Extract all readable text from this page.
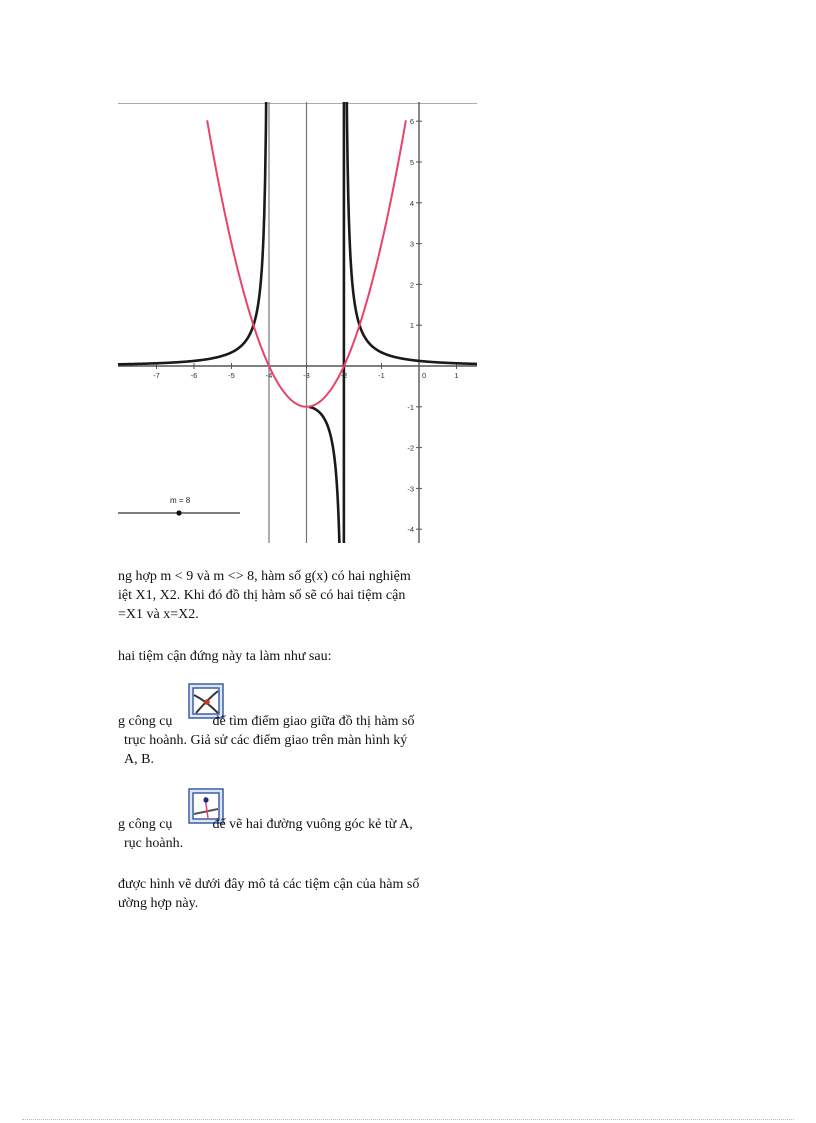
-7	-6	-5	-4	-3	-2	-1	1
0
6
5
4
3
2
1
-1
-2
-3
-4
m = 8
ng hợp m < 9 và m <> 8, hàm số g(x) có hai nghiệm
iệt X1, X2. Khi đó đồ thị hàm số sẽ có hai tiệm cận
=X1 và x=X2.
hai tiệm cận đứng này ta làm như sau:
g công cụ	để tìm điểm giao giữa đồ thị hàm số
trục hoành. Giả sử các điểm giao trên màn hình ký
A, B.
g công cụ	để vẽ hai đường vuông góc kẻ từ A,
rục hoành.
được hình vẽ dưới đây mô tả các tiệm cận của hàm số
ường hợp này.
